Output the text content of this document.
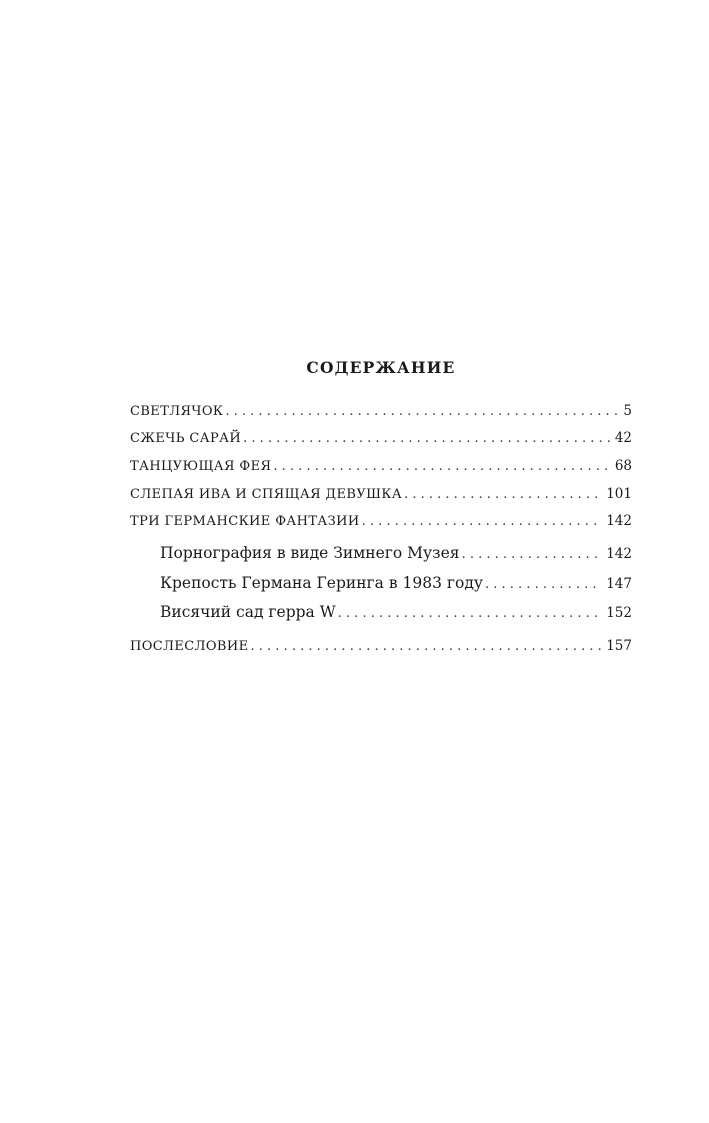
СОДЕРЖАНИЕ
СВЕТЛЯЧОК . . .	5
СЖЕЧЬ САРАЙ . . .	42
ТАНЦУЮЩАЯ ФЕЯ . . .	68
СЛЕПАЯ ИВА И СПЯЩАЯ ДЕВУШКА . . .	101
ТРИ ГЕРМАНСКИЕ ФАНТАЗИИ . . .	142
Порнография в виде Зимнего Музея . . .	142
Крепость Германа Геринга в 1983 году . . .	147
Висячий сад герра W . . .	152
ПОСЛЕСЛОВИЕ . . .	157
